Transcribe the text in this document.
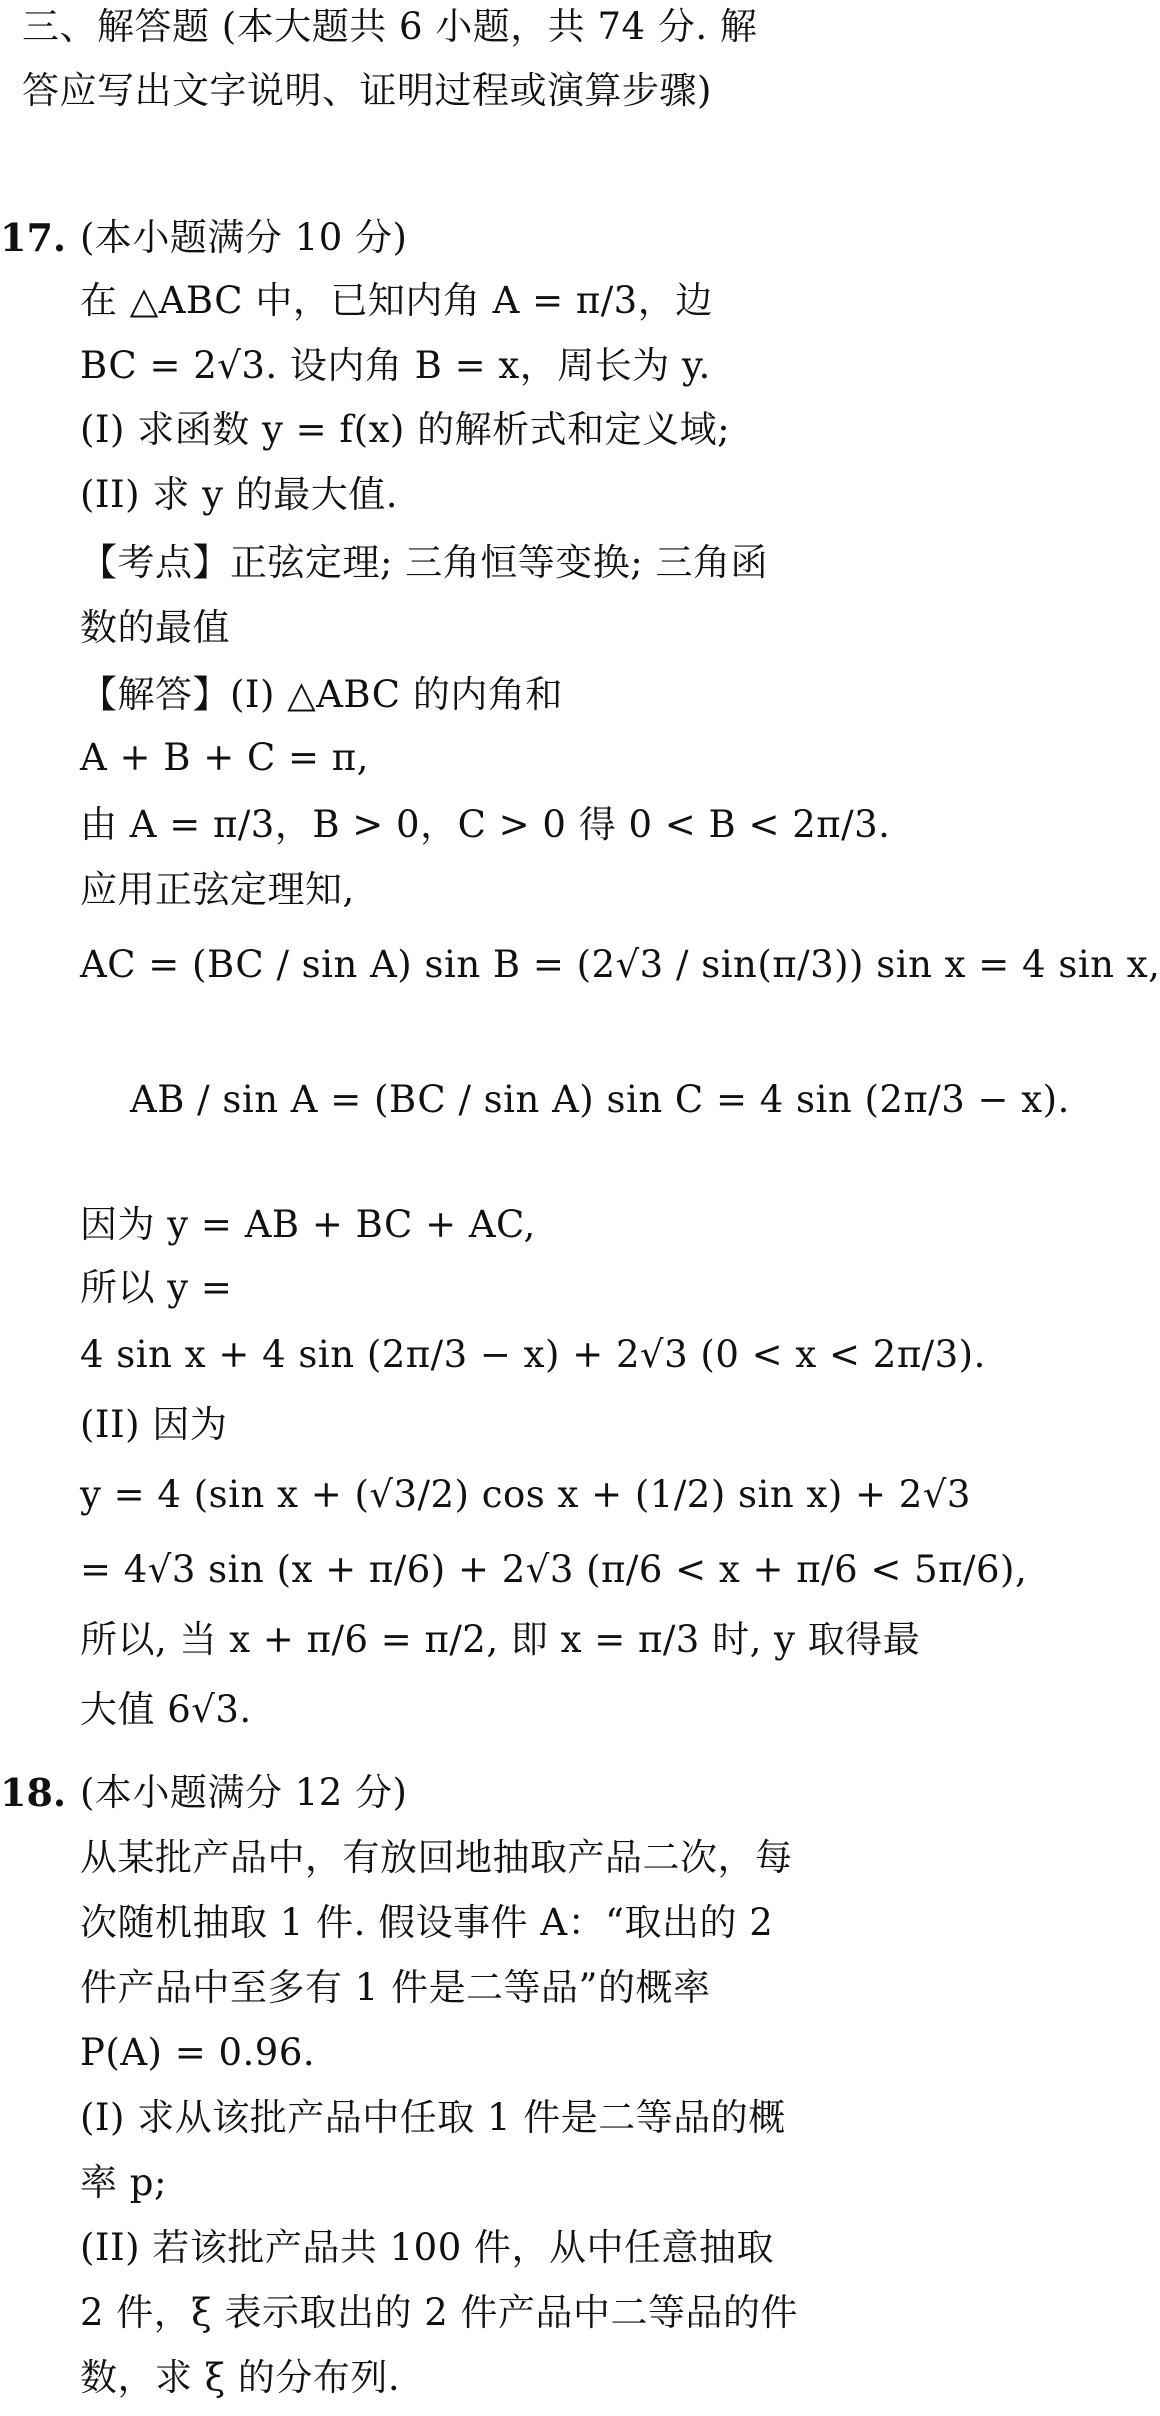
三、解答题 (本大题共 6 小题，共 74 分. 解
答应写出文字说明、证明过程或演算步骤)
17. (本小题满分 10 分)
在 △ABC 中，已知内角 A = π/3，边
BC = 2√3. 设内角 B = x，周长为 y.
(I) 求函数 y = f(x) 的解析式和定义域;
(II) 求 y 的最大值.
【考点】正弦定理; 三角恒等变换; 三角函
数的最值
【解答】(I) △ABC 的内角和
A + B + C = π,
由 A = π/3，B > 0，C > 0 得 0 < B < 2π/3.
应用正弦定理知,
AC = (BC / sin A) sin B = (2√3 / sin(π/3)) sin x = 4 sin x,
AB / sin A = (BC / sin A) sin C = 4 sin (2π/3 − x).
因为 y = AB + BC + AC,
所以 y =
4 sin x + 4 sin (2π/3 − x) + 2√3 (0 < x < 2π/3).
(II) 因为
y = 4 (sin x + (√3/2) cos x + (1/2) sin x) + 2√3
= 4√3 sin (x + π/6) + 2√3 (π/6 < x + π/6 < 5π/6),
所以, 当 x + π/6 = π/2, 即 x = π/3 时, y 取得最
大值 6√3.
18. (本小题满分 12 分)
从某批产品中，有放回地抽取产品二次，每
次随机抽取 1 件. 假设事件 A：“取出的 2
件产品中至多有 1 件是二等品”的概率
P(A) = 0.96.
(I) 求从该批产品中任取 1 件是二等品的概
率 p;
(II) 若该批产品共 100 件，从中任意抽取
2 件，ξ 表示取出的 2 件产品中二等品的件
数，求 ξ 的分布列.
